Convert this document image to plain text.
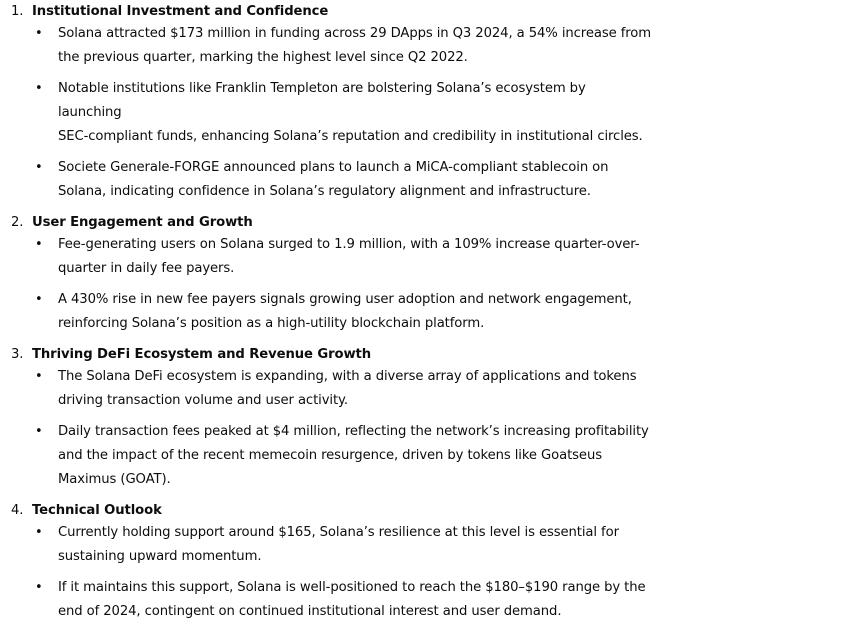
1. Institutional Investment and Confidence
• Solana attracted $173 million in funding across 29 DApps in Q3 2024, a 54% increase from
the previous quarter, marking the highest level since Q2 2022.
• Notable institutions like Franklin Templeton are bolstering Solana’s ecosystem by launching
SEC-compliant funds, enhancing Solana’s reputation and credibility in institutional circles.
• Societe Generale-FORGE announced plans to launch a MiCA-compliant stablecoin on
Solana, indicating confidence in Solana’s regulatory alignment and infrastructure.
2. User Engagement and Growth
• Fee-generating users on Solana surged to 1.9 million, with a 109% increase quarter-over-
quarter in daily fee payers.
• A 430% rise in new fee payers signals growing user adoption and network engagement,
reinforcing Solana’s position as a high-utility blockchain platform.
3. Thriving DeFi Ecosystem and Revenue Growth
• The Solana DeFi ecosystem is expanding, with a diverse array of applications and tokens
driving transaction volume and user activity.
• Daily transaction fees peaked at $4 million, reflecting the network’s increasing profitability
and the impact of the recent memecoin resurgence, driven by tokens like Goatseus
Maximus (GOAT).
4. Technical Outlook
• Currently holding support around $165, Solana’s resilience at this level is essential for
sustaining upward momentum.
• If it maintains this support, Solana is well-positioned to reach the $180–$190 range by the
end of 2024, contingent on continued institutional interest and user demand.
